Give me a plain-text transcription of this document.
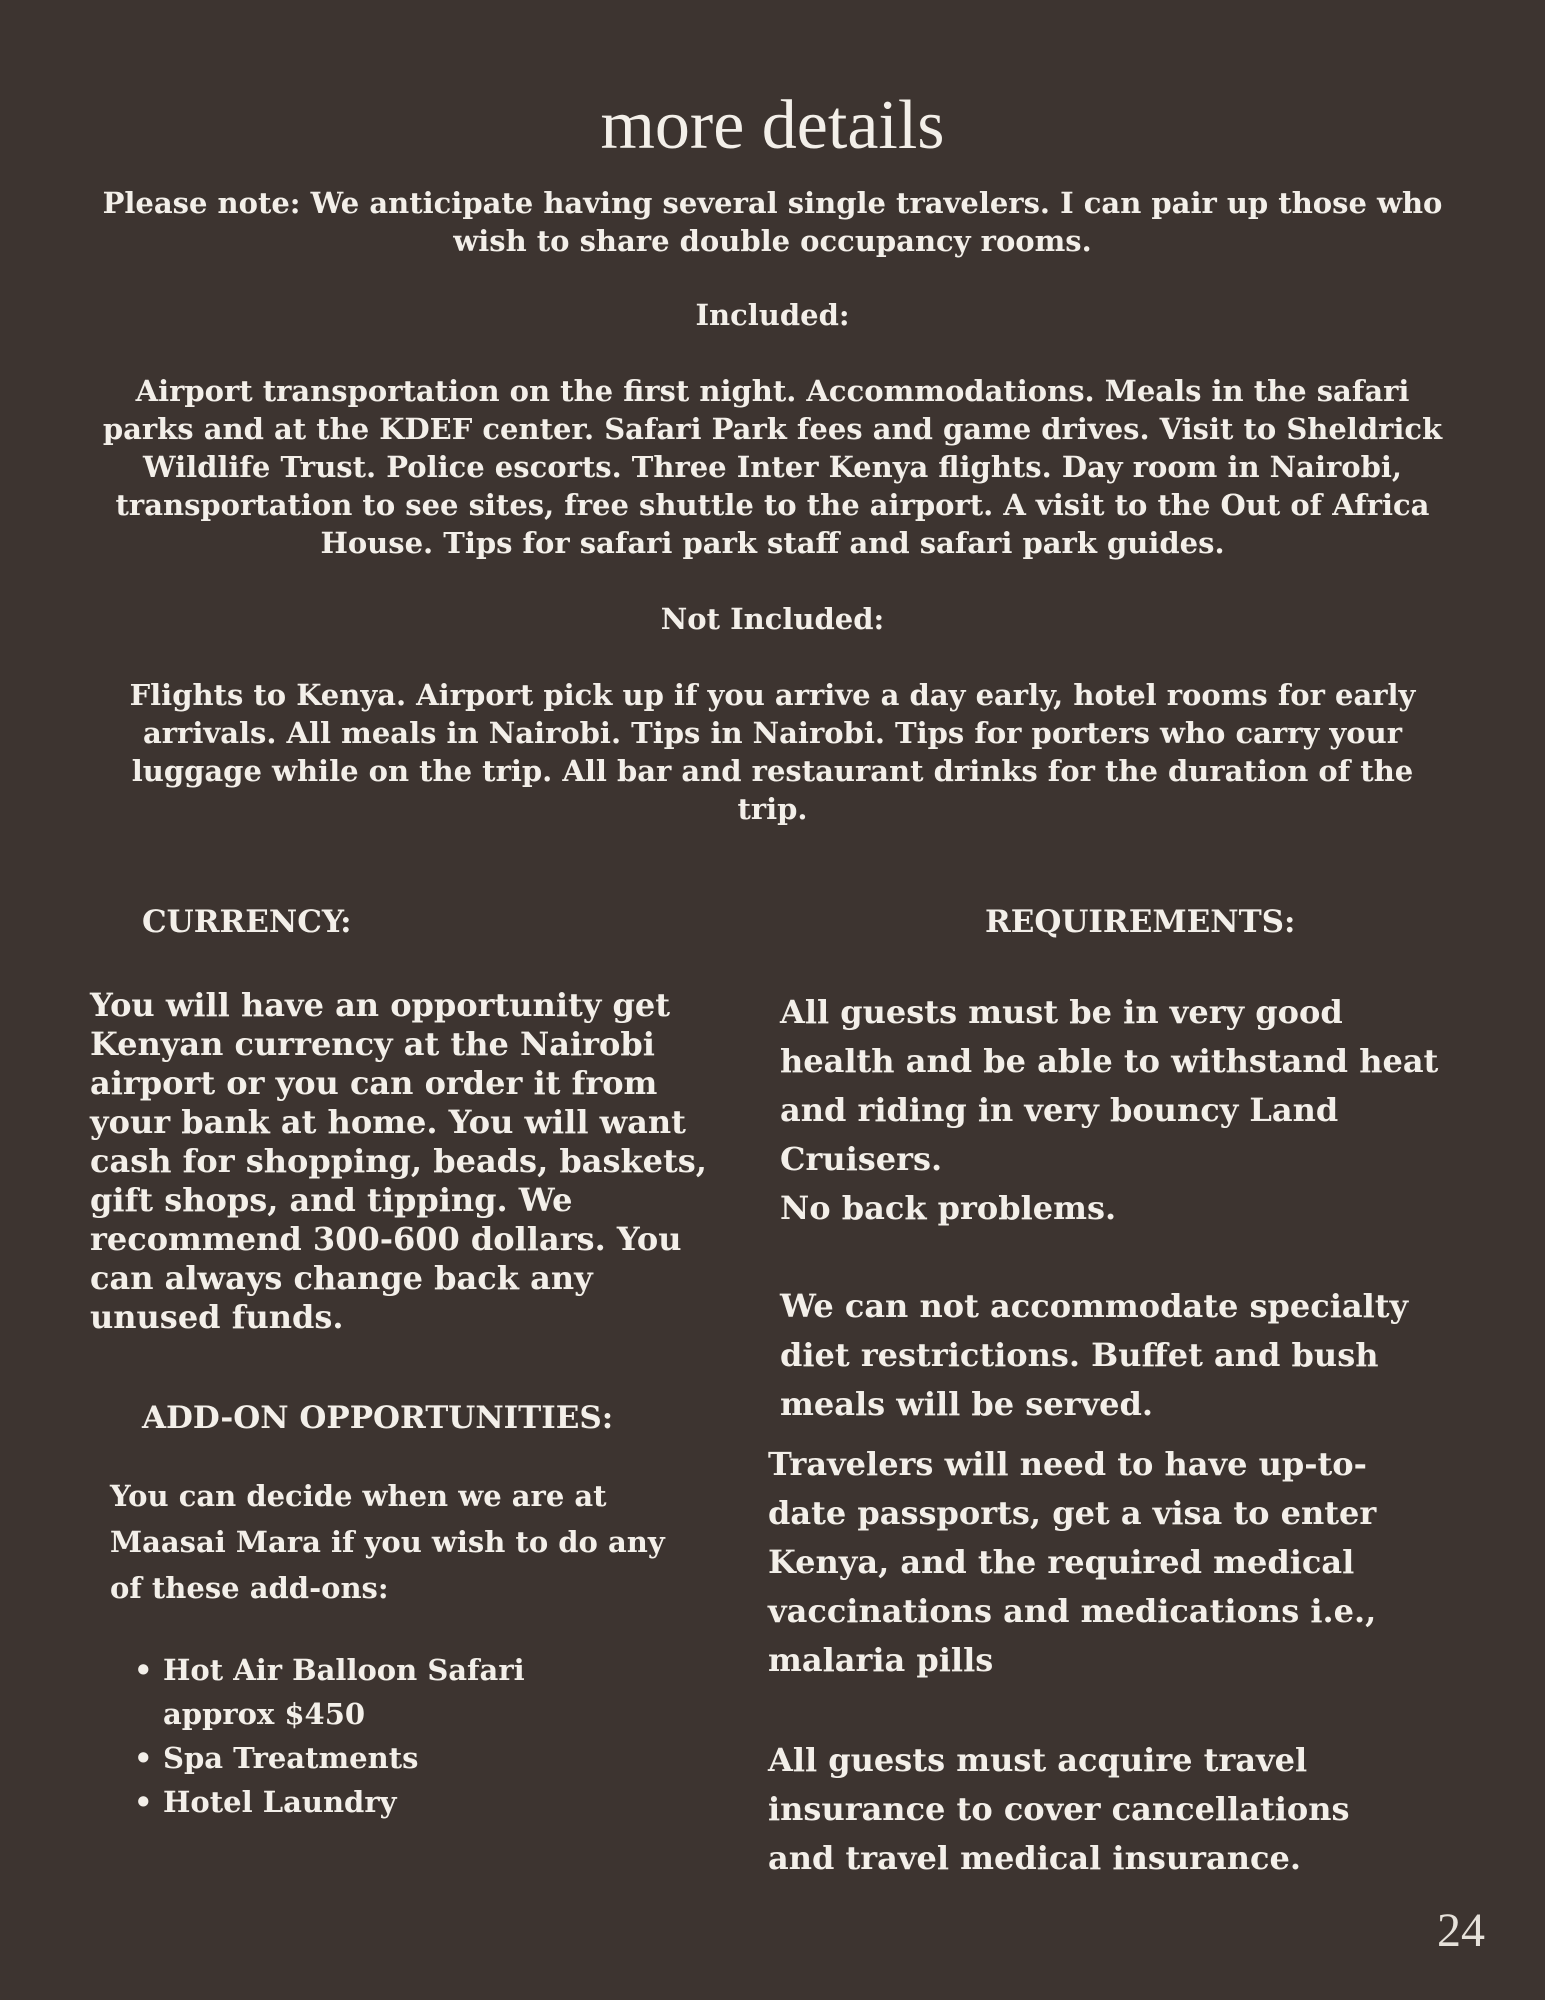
more details

Please note: We anticipate having several single travelers. I can pair up those who wish to share double occupancy rooms.

Included:

Airport transportation on the first night. Accommodations. Meals in the safari parks and at the KDEF center. Safari Park fees and game drives. Visit to Sheldrick Wildlife Trust. Police escorts. Three Inter Kenya flights. Day room in Nairobi, transportation to see sites, free shuttle to the airport. A visit to the Out of Africa House. Tips for safari park staff and safari park guides.

Not Included:

Flights to Kenya. Airport pick up if you arrive a day early, hotel rooms for early arrivals. All meals in Nairobi. Tips in Nairobi. Tips for porters who carry your luggage while on the trip. All bar and restaurant drinks for the duration of the trip.

CURRENCY:

You will have an opportunity get Kenyan currency at the Nairobi airport or you can order it from your bank at home. You will want cash for shopping, beads, baskets, gift shops, and tipping. We recommend 300-600 dollars. You can always change back any unused funds.

ADD-ON OPPORTUNITIES:

You can decide when we are at Maasai Mara if you wish to do any of these add-ons:

• Hot Air Balloon Safari approx $450
• Spa Treatments
• Hotel Laundry

REQUIREMENTS:

All guests must be in very good health and be able to withstand heat and riding in very bouncy Land Cruisers.

No back problems.

We can not accommodate specialty diet restrictions. Buffet and bush meals will be served.

Travelers will need to have up-to-date passports, get a visa to enter Kenya, and the required medical vaccinations and medications i.e., malaria pills

All guests must acquire travel insurance to cover cancellations and travel medical insurance.

24
